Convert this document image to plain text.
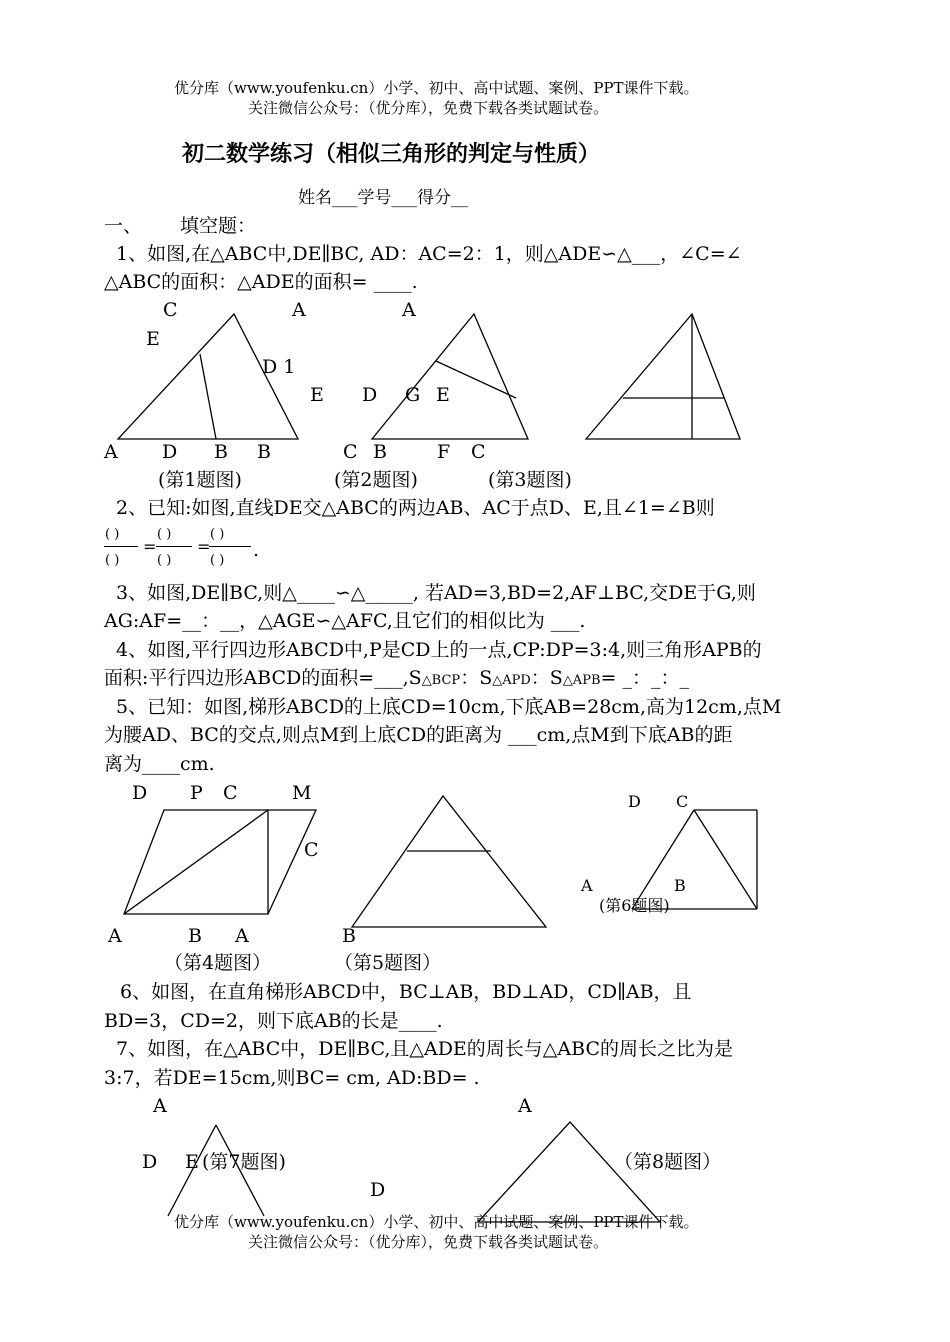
优分库（www.youfenku.cn）小学、初中、高中试题、案例、PPT课件下载。
关注微信公众号：（优分库），免费下载各类试题试卷。
初二数学练习（相似三角形的判定与性质）
姓名___学号___得分__
一、 填空题：
1、如图,在△ABC中,DE∥BC, AD：AC=2：1，则△ADE∽△___，∠C=∠
△ABC的面积：△ADE的面积= ____.
C	A	A
E
D 1
E D G E
A D B B	C B	F C
(第1题图)	(第2题图)	(第3题图)
2、已知:如图,直线DE交△ABC的两边AB、AC于点D、E,且∠1=∠B则
( )
( )
=
( )
( )
=
( )
( ) .
3、如图,DE∥BC,则△____∽△_____, 若AD=3,BD=2,AF⊥BC,交DE于G,则
AG:AF=__：__，△AGE∽△AFC,且它们的相似比为 ___.
4、如图,平行四边形ABCD中,P是CD上的一点,CP:DP=3:4,则三角形APB的
面积:平行四边形ABCD的面积=___,S△BCP：S△APD：S△APB= _：_：_
5、已知：如图,梯形ABCD的上底CD=10cm,下底AB=28cm,高为12cm,点M
为腰AD、BC的交点,则点M到上底CD的距离为 ___cm,点M到下底AB的距
离为____cm.
D P C	M
C
D C
A	B
(第6题图)
A	B A	B
（第4题图）	（第5题图）
6、如图，在直角梯形ABCD中，BC⊥AB，BD⊥AD，CD∥AB，且
BD=3，CD=2，则下底AB的长是____.
7、如图，在△ABC中，DE∥BC,且△ADE的周长与△ABC的周长之比为是
3:7，若DE=15cm,则BC= cm, AD:BD= .
A	A
D E (第7题图)	（第8题图）
D
优分库（www.youfenku.cn）小学、初中、高中试题、案例、PPT课件下载。
关注微信公众号：（优分库），免费下载各类试题试卷。
